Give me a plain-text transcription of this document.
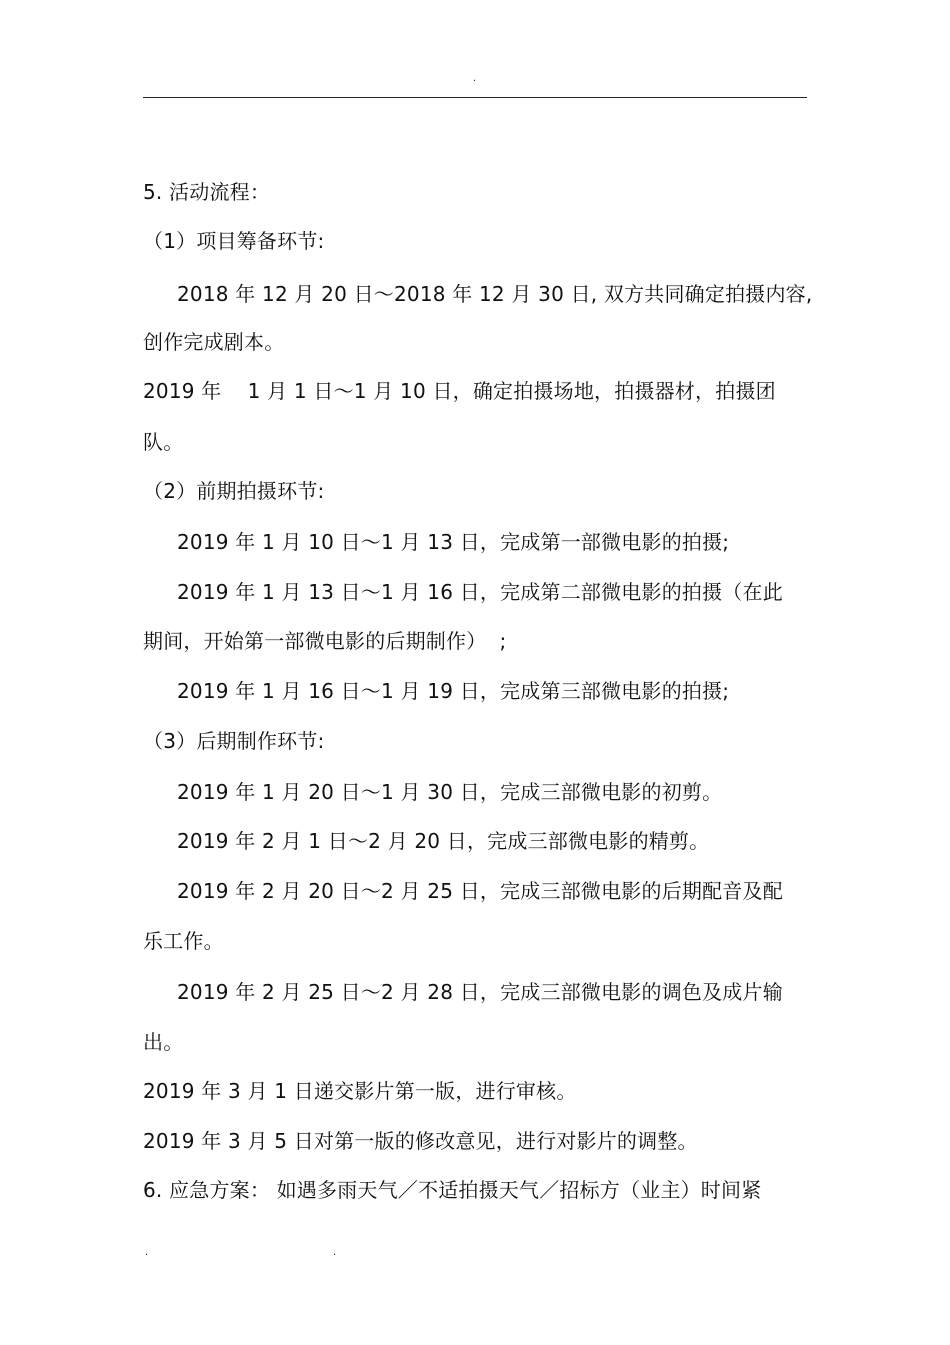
.
5. 活动流程：
（1）项目筹备环节:
2018 年 12 月 20 日～2018 年 12 月 30 日, 双方共同确定拍摄内容,
创作完成剧本。
2019 年    1 月 1 日～1 月 10 日，确定拍摄场地，拍摄器材，拍摄团
队。
（2）前期拍摄环节:
2019 年 1 月 10 日～1 月 13 日，完成第一部微电影的拍摄;
2019 年 1 月 13 日～1 月 16 日，完成第二部微电影的拍摄（在此
期间，开始第一部微电影的后期制作）  ;
2019 年 1 月 16 日～1 月 19 日，完成第三部微电影的拍摄;
（3）后期制作环节:
2019 年 1 月 20 日～1 月 30 日，完成三部微电影的初剪。
2019 年 2 月 1 日～2 月 20 日，完成三部微电影的精剪。
2019 年 2 月 20 日～2 月 25 日，完成三部微电影的后期配音及配
乐工作。
2019 年 2 月 25 日～2 月 28 日，完成三部微电影的调色及成片输
出。
2019 年 3 月 1 日递交影片第一版，进行审核。
2019 年 3 月 5 日对第一版的修改意见，进行对影片的调整。
6. 应急方案： 如遇多雨天气／不适拍摄天气／招标方（业主）时间紧
.	.
